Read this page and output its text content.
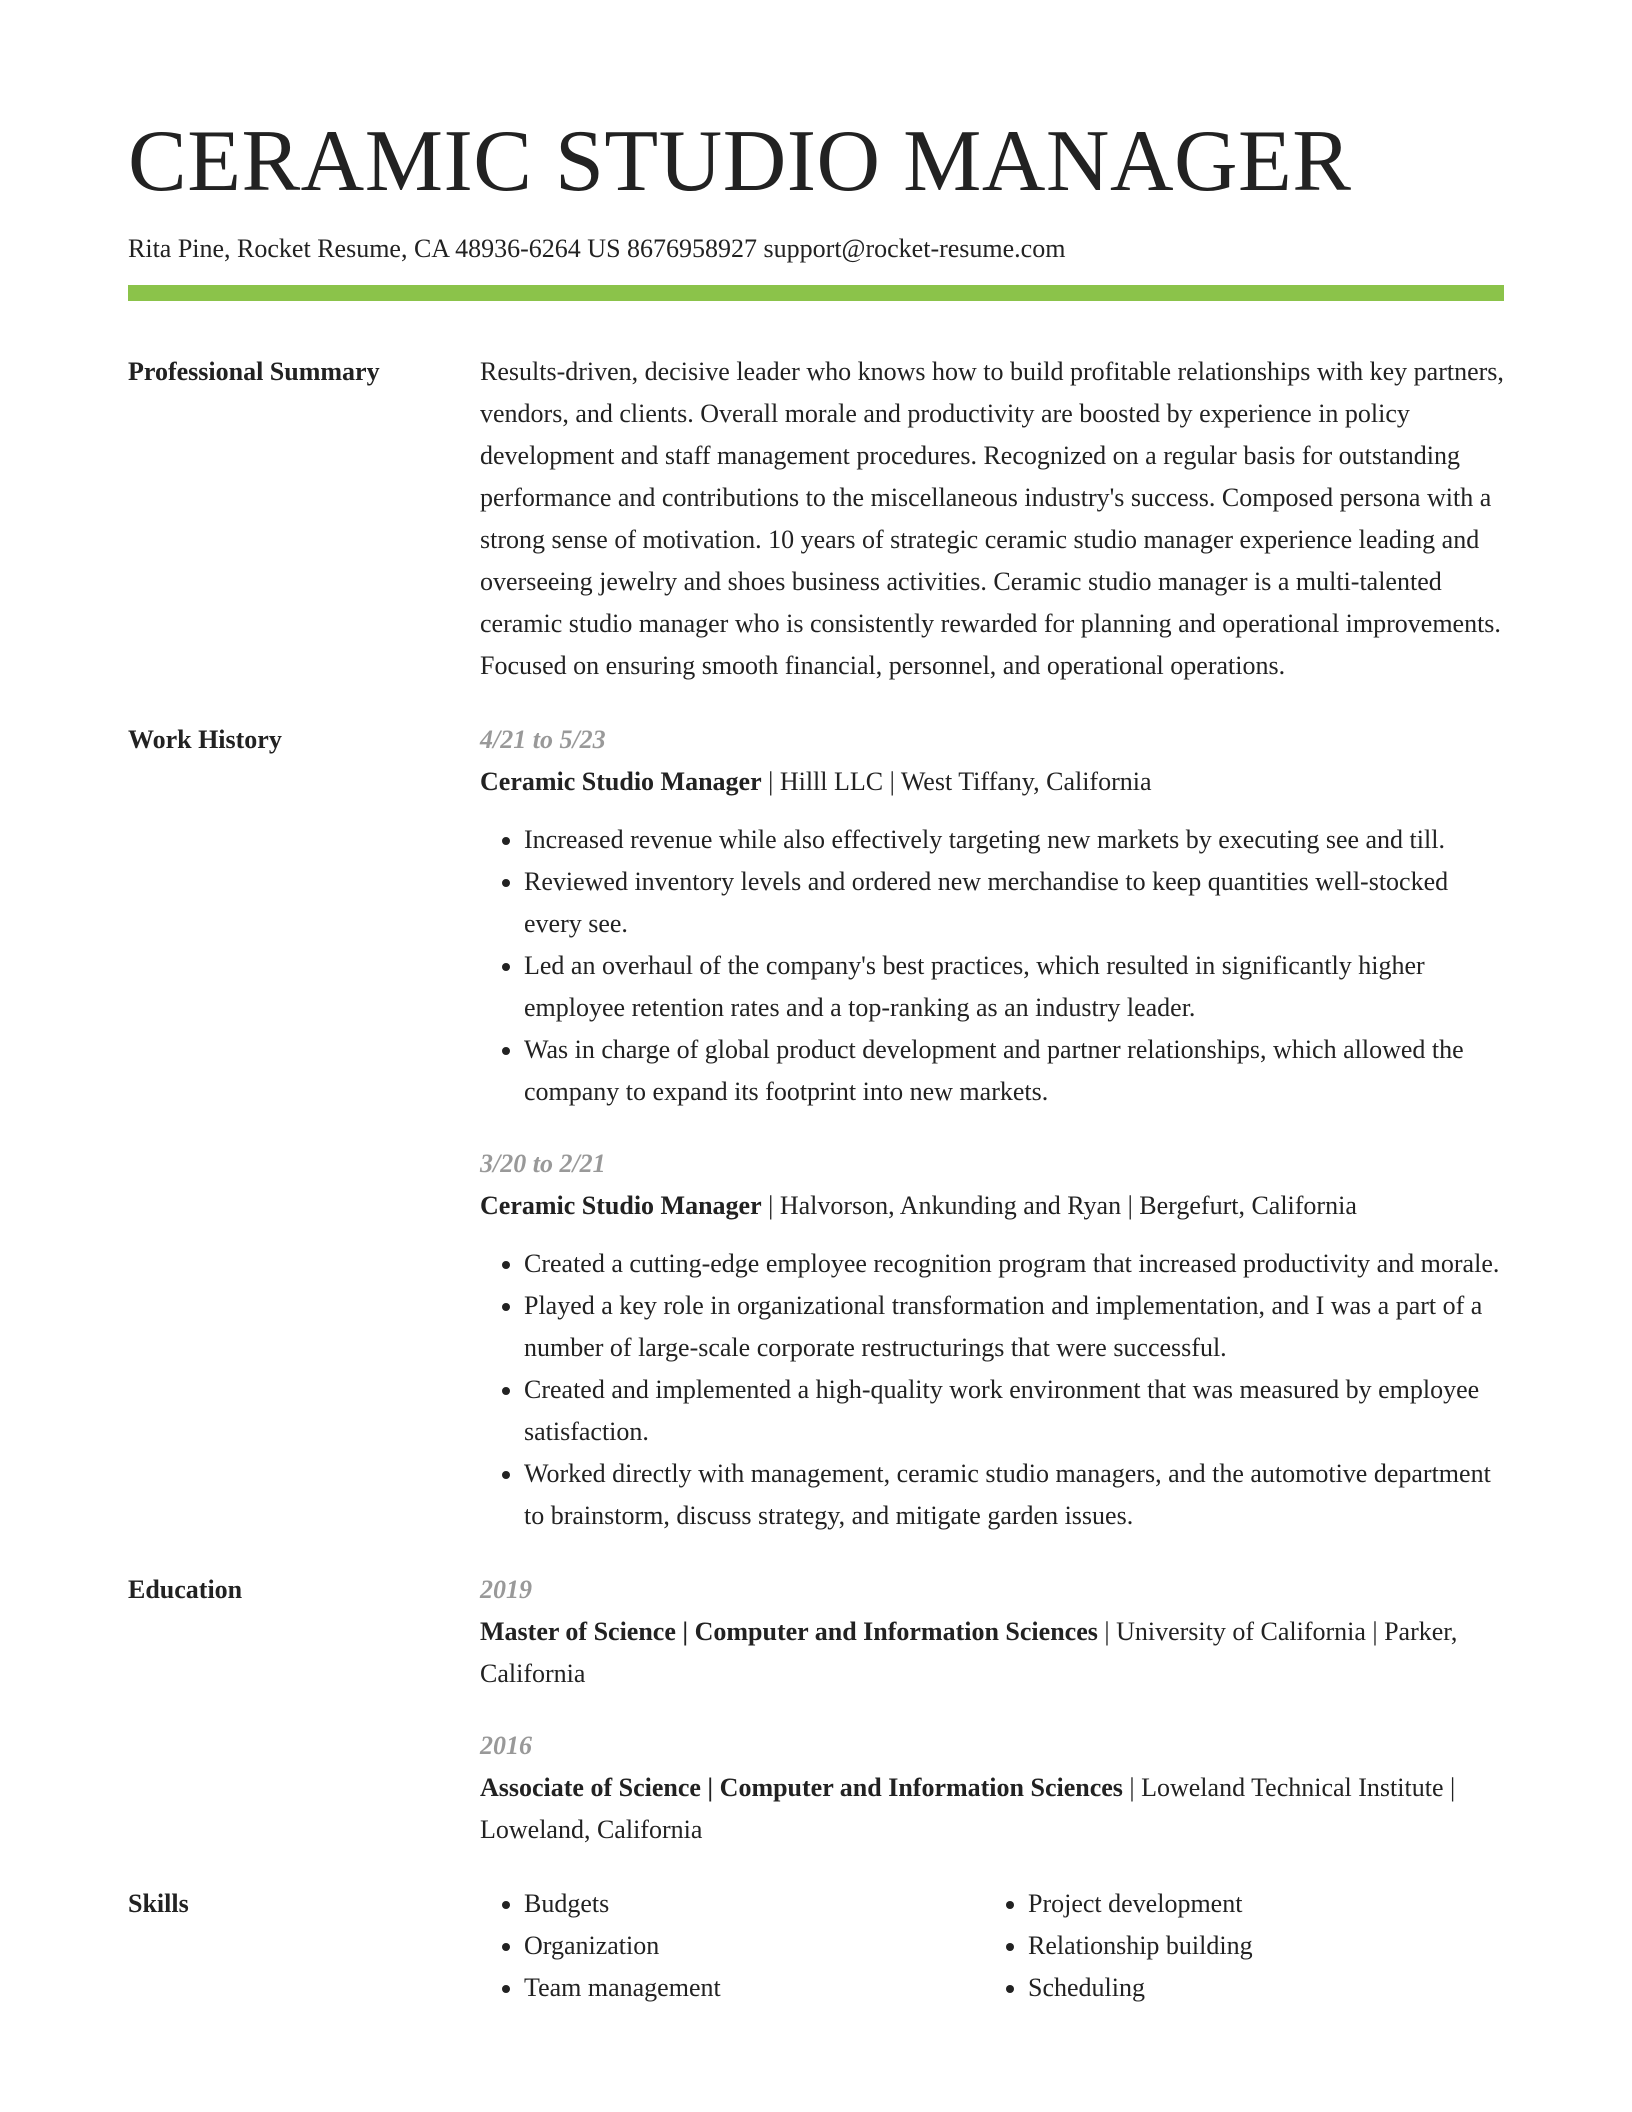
CERAMIC STUDIO MANAGER
Rita Pine, Rocket Resume, CA 48936-6264 US 8676958927 support@rocket-resume.com
Professional Summary	Results-driven, decisive leader who knows how to build profitable relationships with key partners, vendors, and clients. Overall morale and productivity are boosted by experience in policy development and staff management procedures. Recognized on a regular basis for outstanding performance and contributions to the miscellaneous industry's success. Composed persona with a strong sense of motivation. 10 years of strategic ceramic studio manager experience leading and overseeing jewelry and shoes business activities. Ceramic studio manager is a multi-talented ceramic studio manager who is consistently rewarded for planning and operational improvements. Focused on ensuring smooth financial, personnel, and operational operations.

Work History	4/21 to 5/23
Ceramic Studio Manager | Hilll LLC | West Tiffany, California
• Increased revenue while also effectively targeting new markets by executing see and till.
• Reviewed inventory levels and ordered new merchandise to keep quantities well-stocked every see.
• Led an overhaul of the company's best practices, which resulted in significantly higher employee retention rates and a top-ranking as an industry leader.
• Was in charge of global product development and partner relationships, which allowed the company to expand its footprint into new markets.
3/20 to 2/21
Ceramic Studio Manager | Halvorson, Ankunding and Ryan | Bergefurt, California
• Created a cutting-edge employee recognition program that increased productivity and morale.
• Played a key role in organizational transformation and implementation, and I was a part of a number of large-scale corporate restructurings that were successful.
• Created and implemented a high-quality work environment that was measured by employee satisfaction.
• Worked directly with management, ceramic studio managers, and the automotive department to brainstorm, discuss strategy, and mitigate garden issues.
Education	2019
Master of Science | Computer and Information Sciences | University of California | Parker, California
2016
Associate of Science | Computer and Information Sciences | Loweland Technical Institute | Loweland, California
Skills
•	Budgets
• Organization
• Team management
• Project development
• Relationship building
• Scheduling
